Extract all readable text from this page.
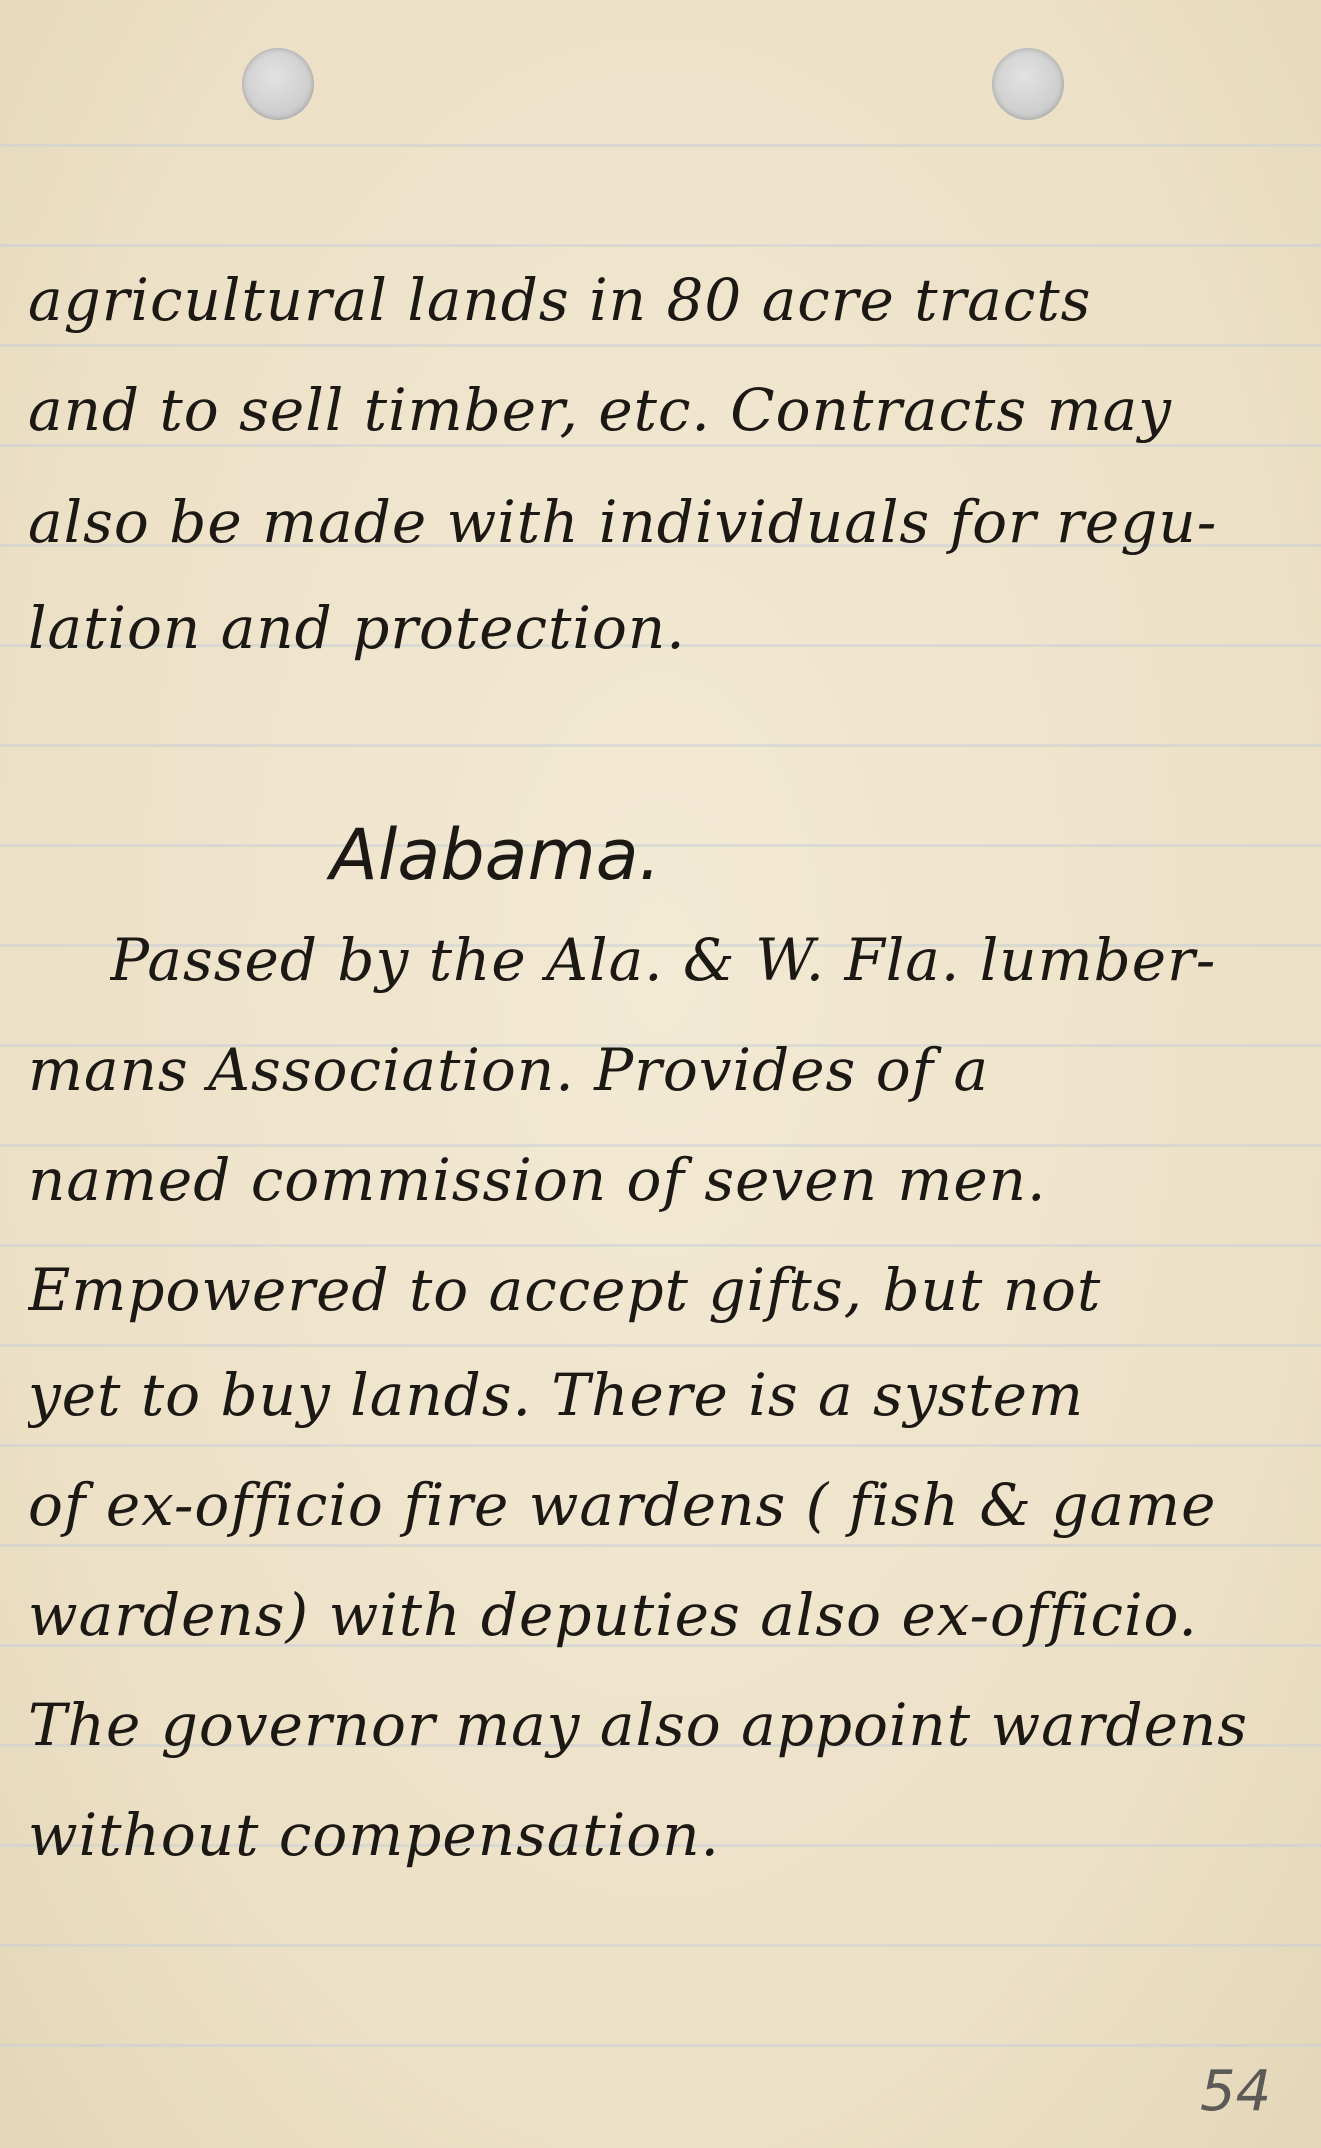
agricultural lands in 80 acre tracts
and to sell timber, etc. Contracts may
also be made with individuals for regu-
lation and protection.
Alabama.
Passed by the Ala. & W. Fla. lumber-
mans Association. Provides of a
named commission of seven men.
Empowered to accept gifts, but not
yet to buy lands. There is a system
of ex-officio fire wardens ( fish & game
wardens) with deputies also ex-officio.
The governor may also appoint wardens
without compensation.
54
